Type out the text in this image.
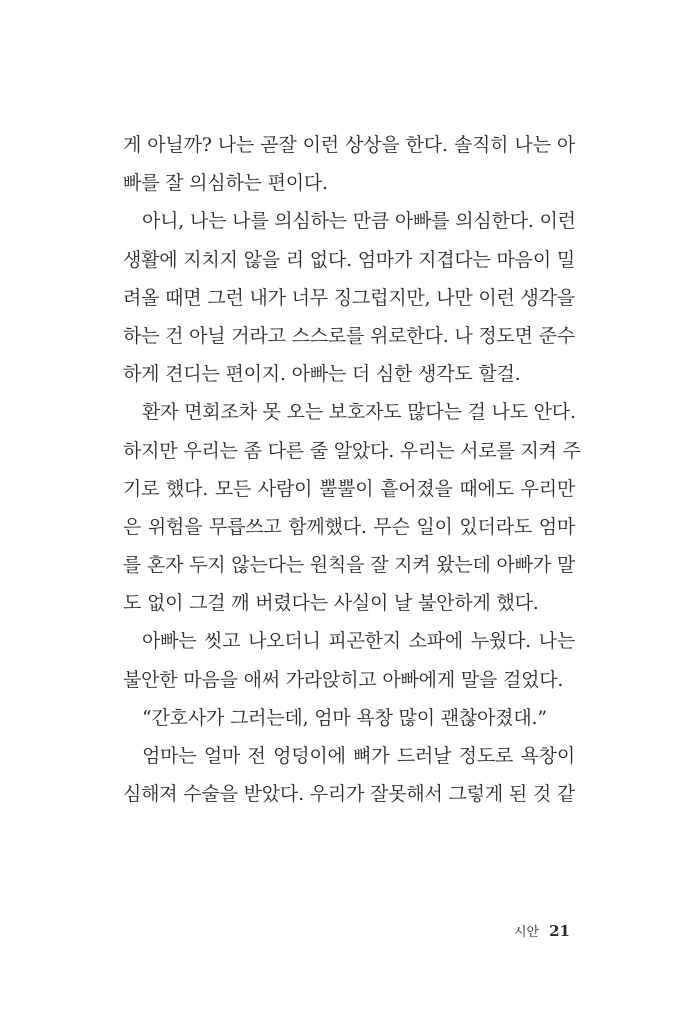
게 아닐까? 나는 곧잘 이런 상상을 한다. 솔직히 나는 아
빠를 잘 의심하는 편이다.
아니, 나는 나를 의심하는 만큼 아빠를 의심한다. 이런
생활에 지치지 않을 리 없다. 엄마가 지겹다는 마음이 밀
려올 때면 그런 내가 너무 징그럽지만, 나만 이런 생각을
하는 건 아닐 거라고 스스로를 위로한다. 나 정도면 준수
하게 견디는 편이지. 아빠는 더 심한 생각도 할걸.
환자 면회조차 못 오는 보호자도 많다는 걸 나도 안다.
하지만 우리는 좀 다른 줄 알았다. 우리는 서로를 지켜 주
기로 했다. 모든 사람이 뿔뿔이 흩어졌을 때에도 우리만
은 위험을 무릅쓰고 함께했다. 무슨 일이 있더라도 엄마
를 혼자 두지 않는다는 원칙을 잘 지켜 왔는데 아빠가 말
도 없이 그걸 깨 버렸다는 사실이 날 불안하게 했다.
아빠는 씻고 나오더니 피곤한지 소파에 누웠다. 나는
불안한 마음을 애써 가라앉히고 아빠에게 말을 걸었다.
“간호사가 그러는데, 엄마 욕창 많이 괜찮아졌대.”
엄마는 얼마 전 엉덩이에 뼈가 드러날 정도로 욕창이
심해져 수술을 받았다. 우리가 잘못해서 그렇게 된 것 같
시안 21
